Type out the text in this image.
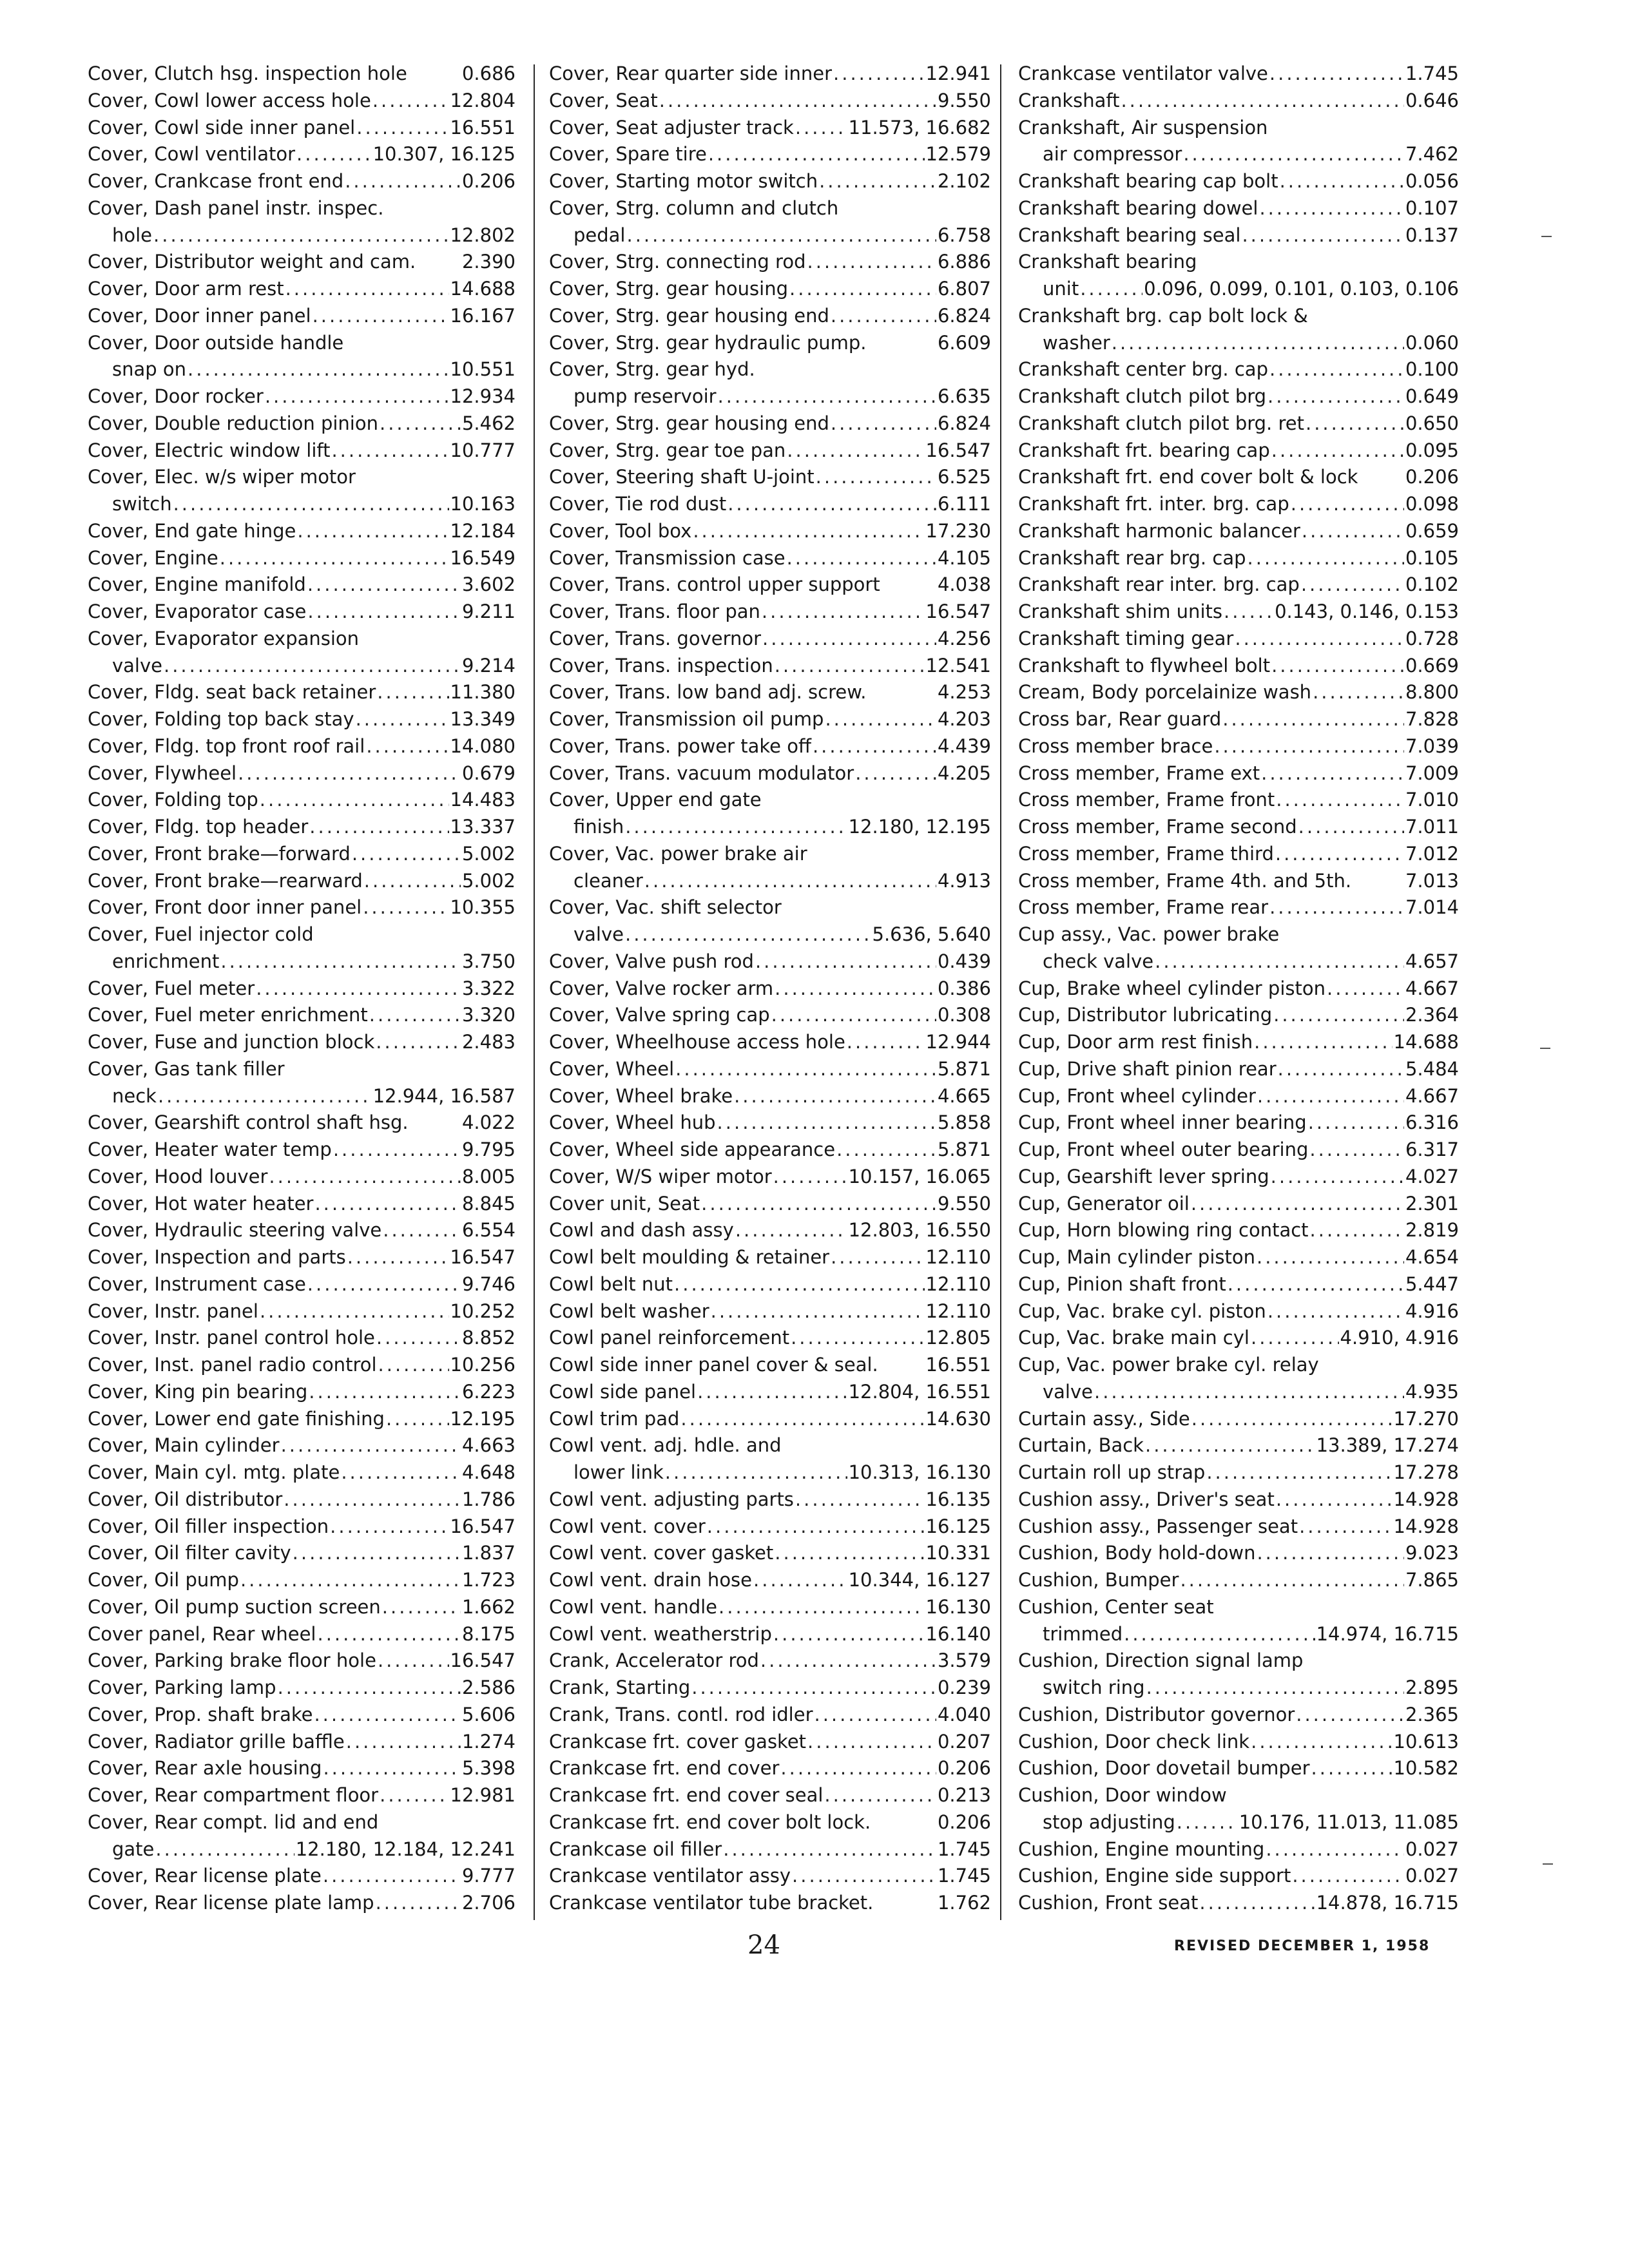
Cover, Clutch hsg. inspection hole	0.686
Cover, Cowl lower access hole .....	12.804
Cover, Cowl side inner panel .....	16.551
Cover, Cowl ventilator .....	10.307, 16.125
Cover, Crankcase front end .....	0.206
Cover, Dash panel instr. inspec.
hole .....	12.802
Cover, Distributor weight and cam. 2.390
Cover, Door arm rest .....	14.688
Cover, Door inner panel .....	16.167
Cover, Door outside handle
snap on .....	10.551
Cover, Door rocker .....	12.934
Cover, Double reduction pinion .....	5.462
Cover, Electric window lift .....	10.777
Cover, Elec. w/s wiper motor
switch .....	10.163
Cover, End gate hinge .....	12.184
Cover, Engine .....	16.549
Cover, Engine manifold .....	3.602
Cover, Evaporator case .....	9.211
Cover, Evaporator expansion
valve .....	9.214
Cover, Fldg. seat back retainer .....	11.380
Cover, Folding top back stay .....	13.349
Cover, Fldg. top front roof rail .....	14.080
Cover, Flywheel .....	0.679
Cover, Folding top .....	14.483
Cover, Fldg. top header .....	13.337
Cover, Front brake—forward .....	5.002
Cover, Front brake—rearward .....	5.002
Cover, Front door inner panel .....	10.355
Cover, Fuel injector cold
enrichment .....	3.750
Cover, Fuel meter .....	3.322
Cover, Fuel meter enrichment .....	3.320
Cover, Fuse and junction block .....	2.483
Cover, Gas tank filler
neck .....	12.944, 16.587
Cover, Gearshift control shaft hsg.	4.022
Cover, Heater water temp .....	9.795
Cover, Hood louver .....	8.005
Cover, Hot water heater .....	8.845
Cover, Hydraulic steering valve .....	6.554
Cover, Inspection and parts .....	16.547
Cover, Instrument case .....	9.746
Cover, Instr. panel .....	10.252
Cover, Instr. panel control hole .....	8.852
Cover, Inst. panel radio control .....	10.256
Cover, King pin bearing .....	6.223
Cover, Lower end gate finishing .....	12.195
Cover, Main cylinder .....	4.663
Cover, Main cyl. mtg. plate .....	4.648
Cover, Oil distributor .....	1.786
Cover, Oil filler inspection .....	16.547
Cover, Oil filter cavity .....	1.837
Cover, Oil pump .....	1.723
Cover, Oil pump suction screen .....	1.662
Cover panel, Rear wheel .....	8.175
Cover, Parking brake floor hole .....	16.547
Cover, Parking lamp .....	2.586
Cover, Prop. shaft brake .....	5.606
Cover, Radiator grille baffle .....	1.274
Cover, Rear axle housing .....	5.398
Cover, Rear compartment floor .....	12.981
Cover, Rear compt. lid and end
gate .....	12.180, 12.184, 12.241
Cover, Rear license plate .....	9.777
Cover, Rear license plate lamp .....	2.706
Cover, Rear quarter side inner .....	12.941
Cover, Seat .....	9.550
Cover, Seat adjuster track .....	11.573, 16.682
Cover, Spare tire .....	12.579
Cover, Starting motor switch .....	2.102
Cover, Strg. column and clutch
pedal .....	6.758
Cover, Strg. connecting rod .....	6.886
Cover, Strg. gear housing .....	6.807
Cover, Strg. gear housing end .....	6.824
Cover, Strg. gear hydraulic pump.	6.609
Cover, Strg. gear hyd.
pump reservoir .....	6.635
Cover, Strg. gear housing end .....	6.824
Cover, Strg. gear toe pan .....	16.547
Cover, Steering shaft U-joint .....	6.525
Cover, Tie rod dust .....	6.111
Cover, Tool box .....	17.230
Cover, Transmission case .....	4.105
Cover, Trans. control upper support	4.038
Cover, Trans. floor pan .....	16.547
Cover, Trans. governor .....	4.256
Cover, Trans. inspection .....	12.541
Cover, Trans. low band adj. screw.	4.253
Cover, Transmission oil pump .....	4.203
Cover, Trans. power take off .....	4.439
Cover, Trans. vacuum modulator .....	4.205
Cover, Upper end gate
finish .....	12.180, 12.195
Cover, Vac. power brake air
cleaner .....	4.913
Cover, Vac. shift selector
valve .....	5.636, 5.640
Cover, Valve push rod .....	0.439
Cover, Valve rocker arm .....	0.386
Cover, Valve spring cap .....	0.308
Cover, Wheelhouse access hole .....	12.944
Cover, Wheel .....	5.871
Cover, Wheel brake .....	4.665
Cover, Wheel hub .....	5.858
Cover, Wheel side appearance .....	5.871
Cover, W/S wiper motor .....	10.157, 16.065
Cover unit, Seat .....	9.550
Cowl and dash assy .....	12.803, 16.550
Cowl belt moulding & retainer .....	12.110
Cowl belt nut .....	12.110
Cowl belt washer .....	12.110
Cowl panel reinforcement .....	12.805
Cowl side inner panel cover & seal.	16.551
Cowl side panel .....	12.804, 16.551
Cowl trim pad .....	14.630
Cowl vent. adj. hdle. and
lower link .....	10.313, 16.130
Cowl vent. adjusting parts .....	16.135
Cowl vent. cover .....	16.125
Cowl vent. cover gasket .....	10.331
Cowl vent. drain hose .....	10.344, 16.127
Cowl vent. handle .....	16.130
Cowl vent. weatherstrip .....	16.140
Crank, Accelerator rod .....	3.579
Crank, Starting .....	0.239
Crank, Trans. contl. rod idler .....	4.040
Crankcase frt. cover gasket .....	0.207
Crankcase frt. end cover .....	0.206
Crankcase frt. end cover seal .....	0.213
Crankcase frt. end cover bolt lock.	0.206
Crankcase oil filler .....	1.745
Crankcase ventilator assy .....	1.745
Crankcase ventilator tube bracket.	1.762
Crankcase ventilator valve .....	1.745
Crankshaft .....	0.646
Crankshaft, Air suspension
air compressor .....	7.462
Crankshaft bearing cap bolt .....	0.056
Crankshaft bearing dowel .....	0.107
Crankshaft bearing seal .....	0.137
Crankshaft bearing
unit .....	0.096, 0.099, 0.101, 0.103, 0.106
Crankshaft brg. cap bolt lock &
washer .....	0.060
Crankshaft center brg. cap .....	0.100
Crankshaft clutch pilot brg .....	0.649
Crankshaft clutch pilot brg. ret .....	0.650
Crankshaft frt. bearing cap .....	0.095
Crankshaft frt. end cover bolt & lock	0.206
Crankshaft frt. inter. brg. cap .....	0.098
Crankshaft harmonic balancer .....	0.659
Crankshaft rear brg. cap .....	0.105
Crankshaft rear inter. brg. cap .....	0.102
Crankshaft shim units .....	0.143, 0.146, 0.153
Crankshaft timing gear .....	0.728
Crankshaft to flywheel bolt .....	0.669
Cream, Body porcelainize wash .....	8.800
Cross bar, Rear guard .....	7.828
Cross member brace .....	7.039
Cross member, Frame ext .....	7.009
Cross member, Frame front .....	7.010
Cross member, Frame second .....	7.011
Cross member, Frame third .....	7.012
Cross member, Frame 4th. and 5th.	7.013
Cross member, Frame rear .....	7.014
Cup assy., Vac. power brake
check valve .....	4.657
Cup, Brake wheel cylinder piston .....	4.667
Cup, Distributor lubricating .....	2.364
Cup, Door arm rest finish .....	14.688
Cup, Drive shaft pinion rear .....	5.484
Cup, Front wheel cylinder .....	4.667
Cup, Front wheel inner bearing .....	6.316
Cup, Front wheel outer bearing .....	6.317
Cup, Gearshift lever spring .....	4.027
Cup, Generator oil .....	2.301
Cup, Horn blowing ring contact .....	2.819
Cup, Main cylinder piston .....	4.654
Cup, Pinion shaft front .....	5.447
Cup, Vac. brake cyl. piston .....	4.916
Cup, Vac. brake main cyl .....	4.910, 4.916
Cup, Vac. power brake cyl. relay
valve .....	4.935
Curtain assy., Side .....	17.270
Curtain, Back .....	13.389, 17.274
Curtain roll up strap .....	17.278
Cushion assy., Driver's seat .....	14.928
Cushion assy., Passenger seat .....	14.928
Cushion, Body hold-down .....	9.023
Cushion, Bumper .....	7.865
Cushion, Center seat
trimmed .....	14.974, 16.715
Cushion, Direction signal lamp
switch ring .....	2.895
Cushion, Distributor governor .....	2.365
Cushion, Door check link .....	10.613
Cushion, Door dovetail bumper .....	10.582
Cushion, Door window
stop adjusting .....	10.176, 11.013, 11.085
Cushion, Engine mounting .....	0.027
Cushion, Engine side support .....	0.027
Cushion, Front seat .....	14.878, 16.715
24	REVISED DECEMBER 1, 1958
